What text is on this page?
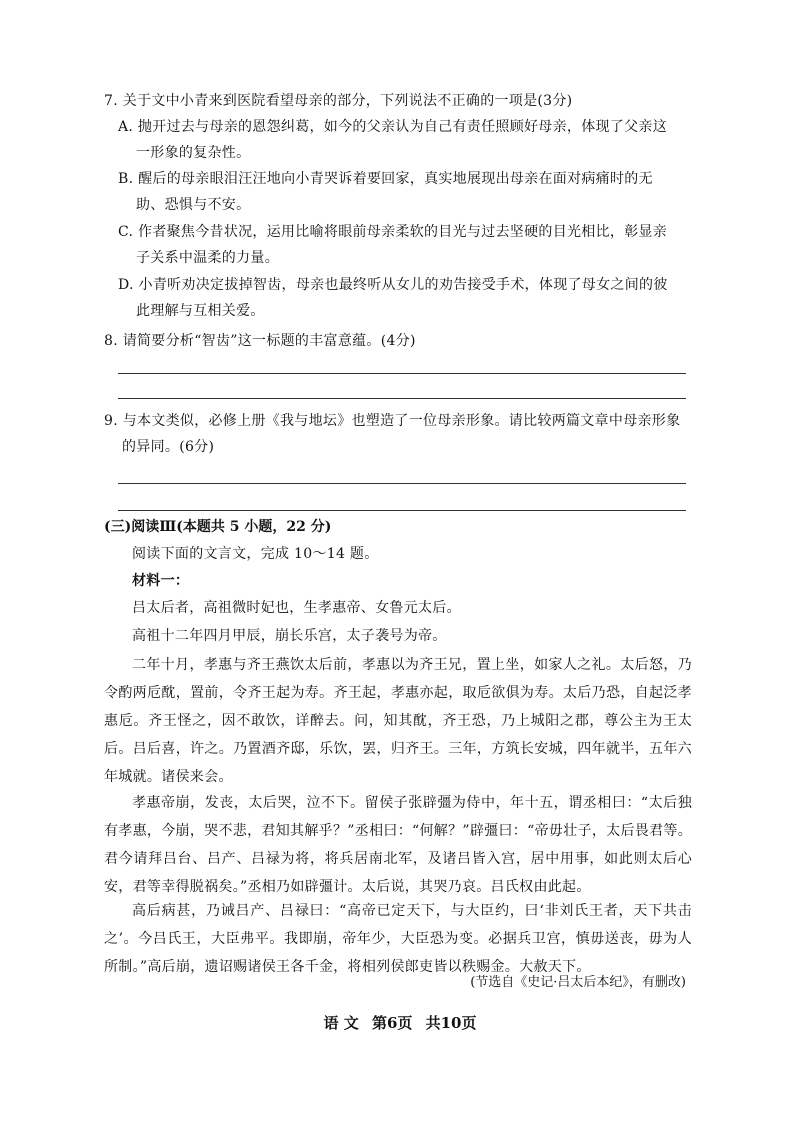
7. 关于文中小青来到医院看望母亲的部分，下列说法不正确的一项是(3分)
A. 抛开过去与母亲的恩怨纠葛，如今的父亲认为自己有责任照顾好母亲，体现了父亲这
一形象的复杂性。
B. 醒后的母亲眼泪汪汪地向小青哭诉着要回家，真实地展现出母亲在面对病痛时的无
助、恐惧与不安。
C. 作者聚焦今昔状况，运用比喻将眼前母亲柔软的目光与过去坚硬的目光相比，彰显亲
子关系中温柔的力量。
D. 小青听劝决定拔掉智齿，母亲也最终听从女儿的劝告接受手术，体现了母女之间的彼
此理解与互相关爱。
8. 请简要分析“智齿”这一标题的丰富意蕴。(4分)
9. 与本文类似，必修上册《我与地坛》也塑造了一位母亲形象。请比较两篇文章中母亲形象
的异同。(6分)
(三)阅读Ⅲ(本题共 5 小题，22 分)
阅读下面的文言文，完成 10～14 题。
材料一：
吕太后者，高祖微时妃也，生孝惠帝、女鲁元太后。
高祖十二年四月甲辰，崩长乐宫，太子袭号为帝。
二年十月，孝惠与齐王燕饮太后前，孝惠以为齐王兄，置上坐，如家人之礼。太后怒，乃令酌两卮酖，置前，令齐王起为寿。齐王起，孝惠亦起，取卮欲俱为寿。太后乃恐，自起泛孝惠卮。齐王怪之，因不敢饮，详醉去。问，知其酖，齐王恐，乃上城阳之郡，尊公主为王太后。吕后喜，许之。乃置酒齐邸，乐饮，罢，归齐王。三年，方筑长安城，四年就半，五年六年城就。诸侯来会。
孝惠帝崩，发丧，太后哭，泣不下。留侯子张辟彊为侍中，年十五，谓丞相曰：“太后独有孝惠，今崩，哭不悲，君知其解乎？”丞相曰：“何解？”辟彊曰：“帝毋壮子，太后畏君等。君今请拜吕台、吕产、吕禄为将，将兵居南北军，及诸吕皆入宫，居中用事，如此则太后心安，君等幸得脱祸矣。”丞相乃如辟彊计。太后说，其哭乃哀。吕氏权由此起。
高后病甚，乃诫吕产、吕禄曰：“高帝已定天下，与大臣约，曰‘非刘氏王者，天下共击之’。今吕氏王，大臣弗平。我即崩，帝年少，大臣恐为变。必据兵卫宫，慎毋送丧，毋为人所制。”高后崩，遗诏赐诸侯王各千金，将相列侯郎吏皆以秩赐金。大赦天下。
(节选自《史记·吕太后本纪》，有删改)
语 文 第6页 共10页
